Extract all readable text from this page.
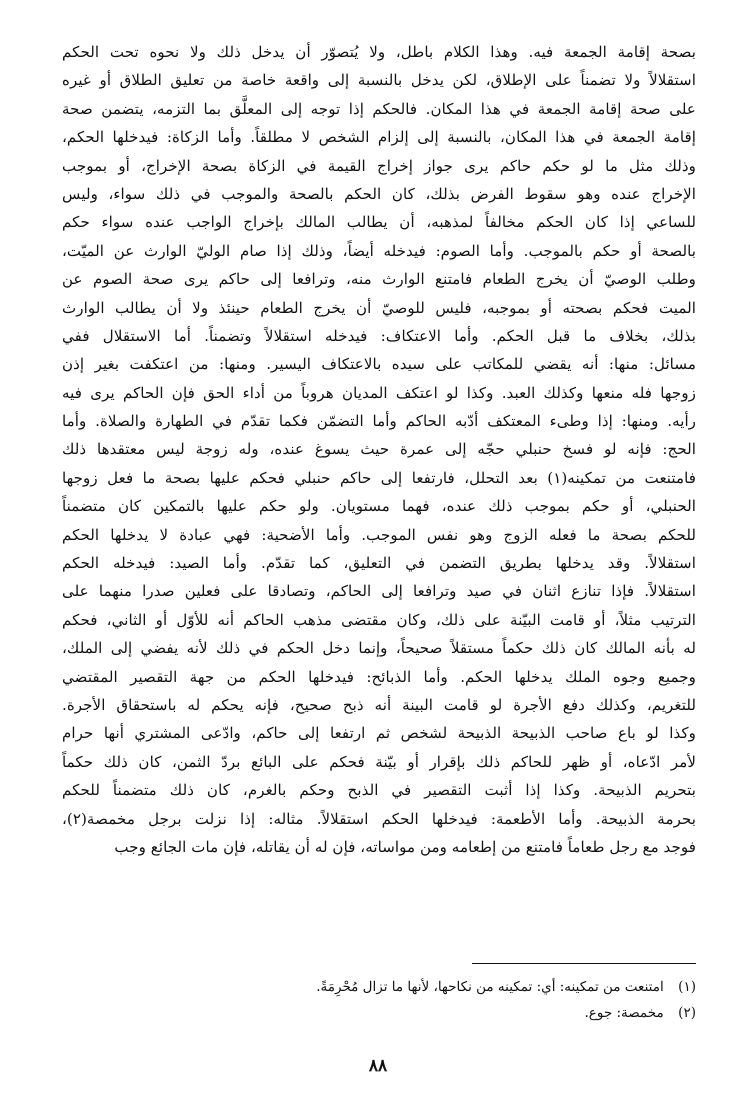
بصحة إقامة الجمعة فيه. وهذا الكلام باطل، ولا يُتصوّر أن يدخل ذلك ولا نحوه تحت الحكم
استقلالاً ولا تضمناً على الإطلاق، لكن يدخل بالنسبة إلى واقعة خاصة من تعليق الطلاق أو غيره
على صحة إقامة الجمعة في هذا المكان. فالحكم إذا توجه إلى المعلَّق بما التزمه، يتضمن صحة
إقامة الجمعة في هذا المكان، بالنسبة إلى إلزام الشخص لا مطلقاً. وأما الزكاة: فيدخلها الحكم،
وذلك مثل ما لو حكم حاكم يرى جواز إخراج القيمة في الزكاة بصحة الإخراج، أو بموجب
الإخراج عنده وهو سقوط الفرض بذلك، كان الحكم بالصحة والموجب في ذلك سواء، وليس
للساعي إذا كان الحكم مخالفاً لمذهبه، أن يطالب المالك بإخراج الواجب عنده سواء حكم
بالصحة أو حكم بالموجب. وأما الصوم: فيدخله أيضاً، وذلك إذا صام الوليّ الوارث عن الميّت،
وطلب الوصيّ أن يخرج الطعام فامتنع الوارث منه، وترافعا إلى حاكم يرى صحة الصوم عن
الميت فحكم بصحته أو بموجبه، فليس للوصيّ أن يخرج الطعام حينئذ ولا أن يطالب الوارث
بذلك، بخلاف ما قبل الحكم. وأما الاعتكاف: فيدخله استقلالاً وتضمناً. أما الاستقلال ففي
مسائل: منها: أنه يقضي للمكاتب على سيده بالاعتكاف اليسير. ومنها: من اعتكفت بغير إذن
زوجها فله منعها وكذلك العبد. وكذا لو اعتكف المديان هروباً من أداء الحق فإن الحاكم يرى فيه
رأيه. ومنها: إذا وطىء المعتكف أدّبه الحاكم وأما التضمّن فكما تقدّم في الطهارة والصلاة. وأما
الحج: فإنه لو فسخ حنبلي حجّه إلى عمرة حيث يسوغ عنده، وله زوجة ليس معتقدها ذلك
فامتنعت من تمكينه(١) بعد التحلل، فارتفعا إلى حاكم حنبلي فحكم عليها بصحة ما فعل زوجها
الحنبلي، أو حكم بموجب ذلك عنده، فهما مستويان. ولو حكم عليها بالتمكين كان متضمناً
للحكم بصحة ما فعله الزوج وهو نفس الموجب. وأما الأضحية: فهي عبادة لا يدخلها الحكم
استقلالاً. وقد يدخلها بطريق التضمن في التعليق، كما تقدّم. وأما الصيد: فيدخله الحكم
استقلالاً. فإذا تنازع اثنان في صيد وترافعا إلى الحاكم، وتصادقا على فعلين صدرا منهما على
الترتيب مثلاً، أو قامت البيّنة على ذلك، وكان مقتضى مذهب الحاكم أنه للأوّل أو الثاني، فحكم
له بأنه المالك كان ذلك حكماً مستقلاً صحيحاً، وإنما دخل الحكم في ذلك لأنه يفضي إلى الملك،
وجميع وجوه الملك يدخلها الحكم. وأما الذبائح: فيدخلها الحكم من جهة التقصير المقتضي
للتغريم، وكذلك دفع الأجرة لو قامت البينة أنه ذبح صحيح، فإنه يحكم له باستحقاق الأجرة.
وكذا لو باع صاحب الذبيحة الذبيحة لشخص ثم ارتفعا إلى حاكم، وادّعى المشتري أنها حرام
لأمر ادّعاه، أو ظهر للحاكم ذلك بإقرار أو بيّنة فحكم على البائع بردّ الثمن، كان ذلك حكماً
بتحريم الذبيحة. وكذا إذا أثبت التقصير في الذبح وحكم بالغرم، كان ذلك متضمناً للحكم
بحرمة الذبيحة. وأما الأطعمة: فيدخلها الحكم استقلالاً. مثاله: إذا نزلت برجل مخمصة(٢)،
فوجد مع رجل طعاماً فامتنع من إطعامه ومن مواساته، فإن له أن يقاتله، فإن مات الجائع وجب
(١) امتنعت من تمكينه: أي: تمكينه من نكاحها، لأنها ما تزال مُحْرِمَةً.
(٢) مخمصة: جوع.
٨٨
